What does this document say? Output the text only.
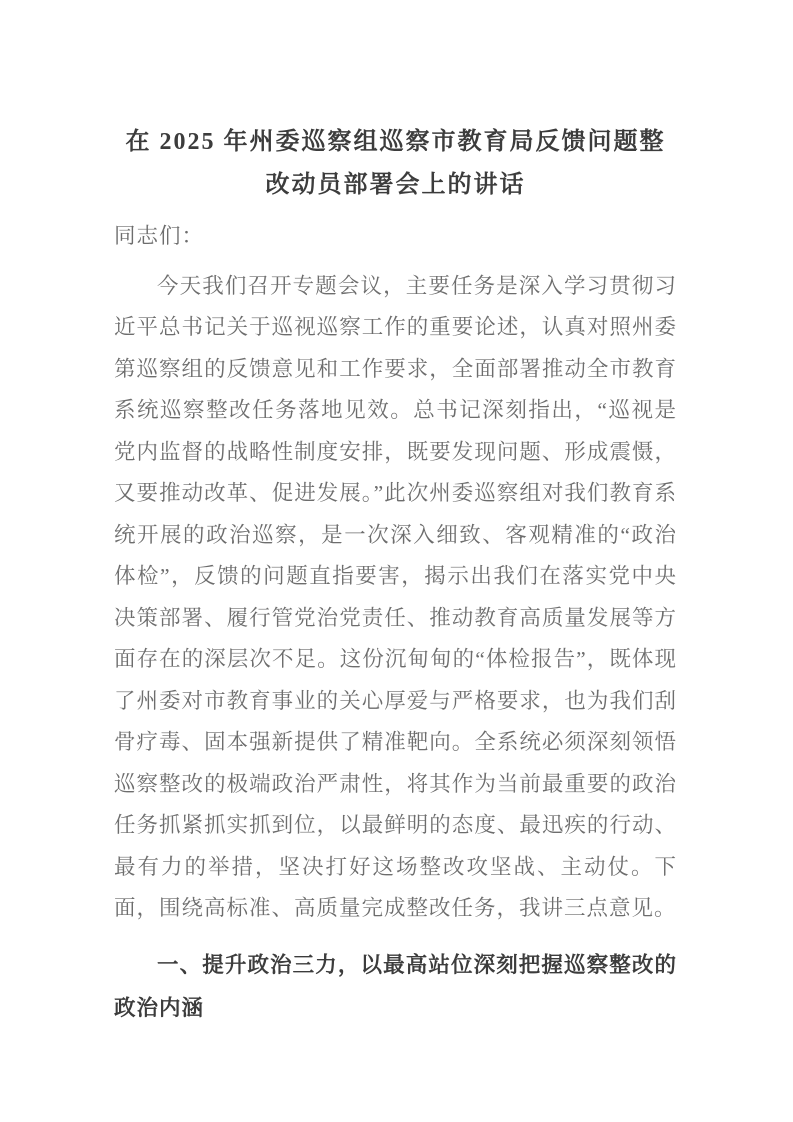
在 2025 年州委巡察组巡察市教育局反馈问题整改动员部署会上的讲话

同志们：

今天我们召开专题会议，主要任务是深入学习贯彻习近平总书记关于巡视巡察工作的重要论述，认真对照州委第巡察组的反馈意见和工作要求，全面部署推动全市教育系统巡察整改任务落地见效。总书记深刻指出，“巡视是党内监督的战略性制度安排，既要发现问题、形成震慑，又要推动改革、促进发展。”此次州委巡察组对我们教育系统开展的政治巡察，是一次深入细致、客观精准的“政治体检”，反馈的问题直指要害，揭示出我们在落实党中央决策部署、履行管党治党责任、推动教育高质量发展等方面存在的深层次不足。这份沉甸甸的“体检报告”，既体现了州委对市教育事业的关心厚爱与严格要求，也为我们刮骨疗毒、固本强新提供了精准靶向。全系统必须深刻领悟巡察整改的极端政治严肃性，将其作为当前最重要的政治任务抓紧抓实抓到位，以最鲜明的态度、最迅疾的行动、最有力的举措，坚决打好这场整改攻坚战、主动仗。下面，围绕高标准、高质量完成整改任务，我讲三点意见。

一、提升政治三力，以最高站位深刻把握巡察整改的政治内涵
